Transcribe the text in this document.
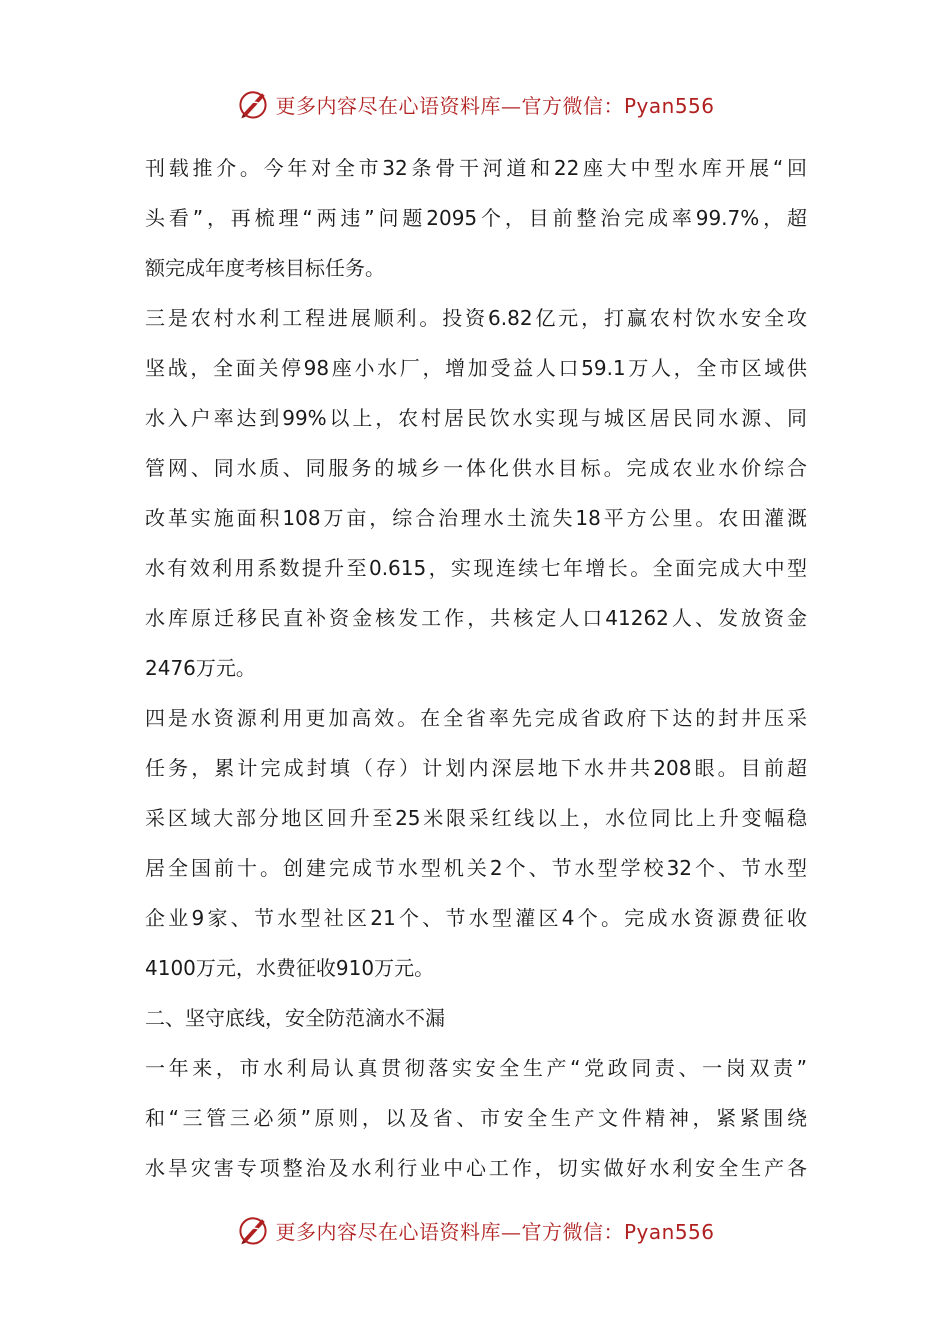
更多内容尽在心语资料库—官方微信：Pyan556
刊载推介。今年对全市32条骨干河道和22座大中型水库开展“回
头看”，再梳理“两违”问题2095个，目前整治完成率99.7%，超
额完成年度考核目标任务。
三是农村水利工程进展顺利。投资6.82亿元，打赢农村饮水安全攻
坚战，全面关停98座小水厂，增加受益人口59.1万人，全市区域供
水入户率达到99%以上，农村居民饮水实现与城区居民同水源、同
管网、同水质、同服务的城乡一体化供水目标。完成农业水价综合
改革实施面积108万亩，综合治理水土流失18平方公里。农田灌溉
水有效利用系数提升至0.615，实现连续七年增长。全面完成大中型
水库原迁移民直补资金核发工作，共核定人口41262人、发放资金
2476万元。
四是水资源利用更加高效。在全省率先完成省政府下达的封井压采
任务，累计完成封填（存）计划内深层地下水井共208眼。目前超
采区域大部分地区回升至25米限采红线以上，水位同比上升变幅稳
居全国前十。创建完成节水型机关2个、节水型学校32个、节水型
企业9家、节水型社区21个、节水型灌区4个。完成水资源费征收
4100万元，水费征收910万元。
二、坚守底线，安全防范滴水不漏
一年来，市水利局认真贯彻落实安全生产“党政同责、一岗双责”
和“三管三必须”原则，以及省、市安全生产文件精神，紧紧围绕
水旱灾害专项整治及水利行业中心工作，切实做好水利安全生产各
更多内容尽在心语资料库—官方微信：Pyan556
